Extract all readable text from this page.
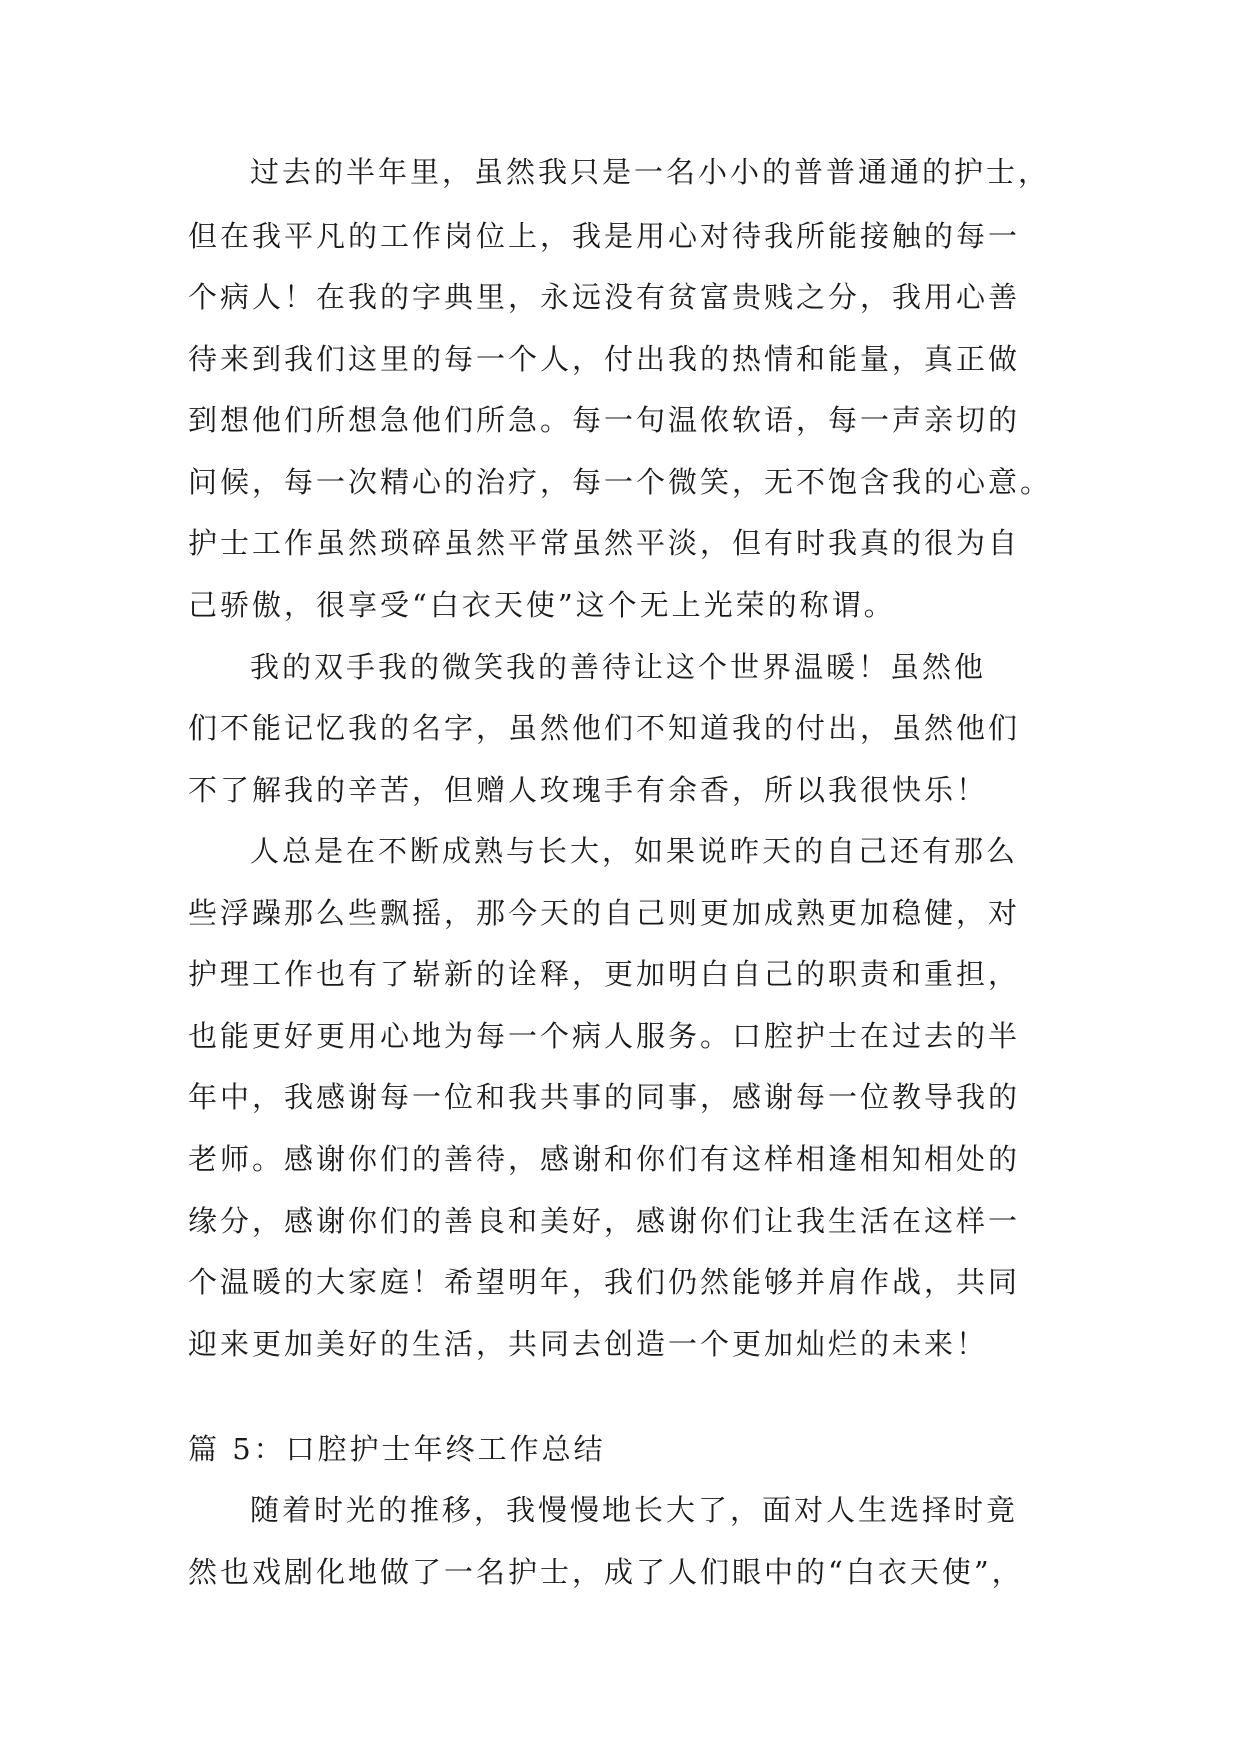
过去的半年里，虽然我只是一名小小的普普通通的护士，
但在我平凡的工作岗位上，我是用心对待我所能接触的每一
个病人！在我的字典里，永远没有贫富贵贱之分，我用心善
待来到我们这里的每一个人，付出我的热情和能量，真正做
到想他们所想急他们所急。每一句温侬软语，每一声亲切的
问候，每一次精心的治疗，每一个微笑，无不饱含我的心意。
护士工作虽然琐碎虽然平常虽然平淡，但有时我真的很为自
己骄傲，很享受“白衣天使”这个无上光荣的称谓。
我的双手我的微笑我的善待让这个世界温暖！虽然他
们不能记忆我的名字，虽然他们不知道我的付出，虽然他们
不了解我的辛苦，但赠人玫瑰手有余香，所以我很快乐！
人总是在不断成熟与长大，如果说昨天的自己还有那么
些浮躁那么些飘摇，那今天的自己则更加成熟更加稳健，对
护理工作也有了崭新的诠释，更加明白自己的职责和重担，
也能更好更用心地为每一个病人服务。口腔护士在过去的半
年中，我感谢每一位和我共事的同事，感谢每一位教导我的
老师。感谢你们的善待，感谢和你们有这样相逢相知相处的
缘分，感谢你们的善良和美好，感谢你们让我生活在这样一
个温暖的大家庭！希望明年，我们仍然能够并肩作战，共同
迎来更加美好的生活，共同去创造一个更加灿烂的未来！
篇 5：口腔护士年终工作总结
随着时光的推移，我慢慢地长大了，面对人生选择时竟
然也戏剧化地做了一名护士，成了人们眼中的“白衣天使”，
